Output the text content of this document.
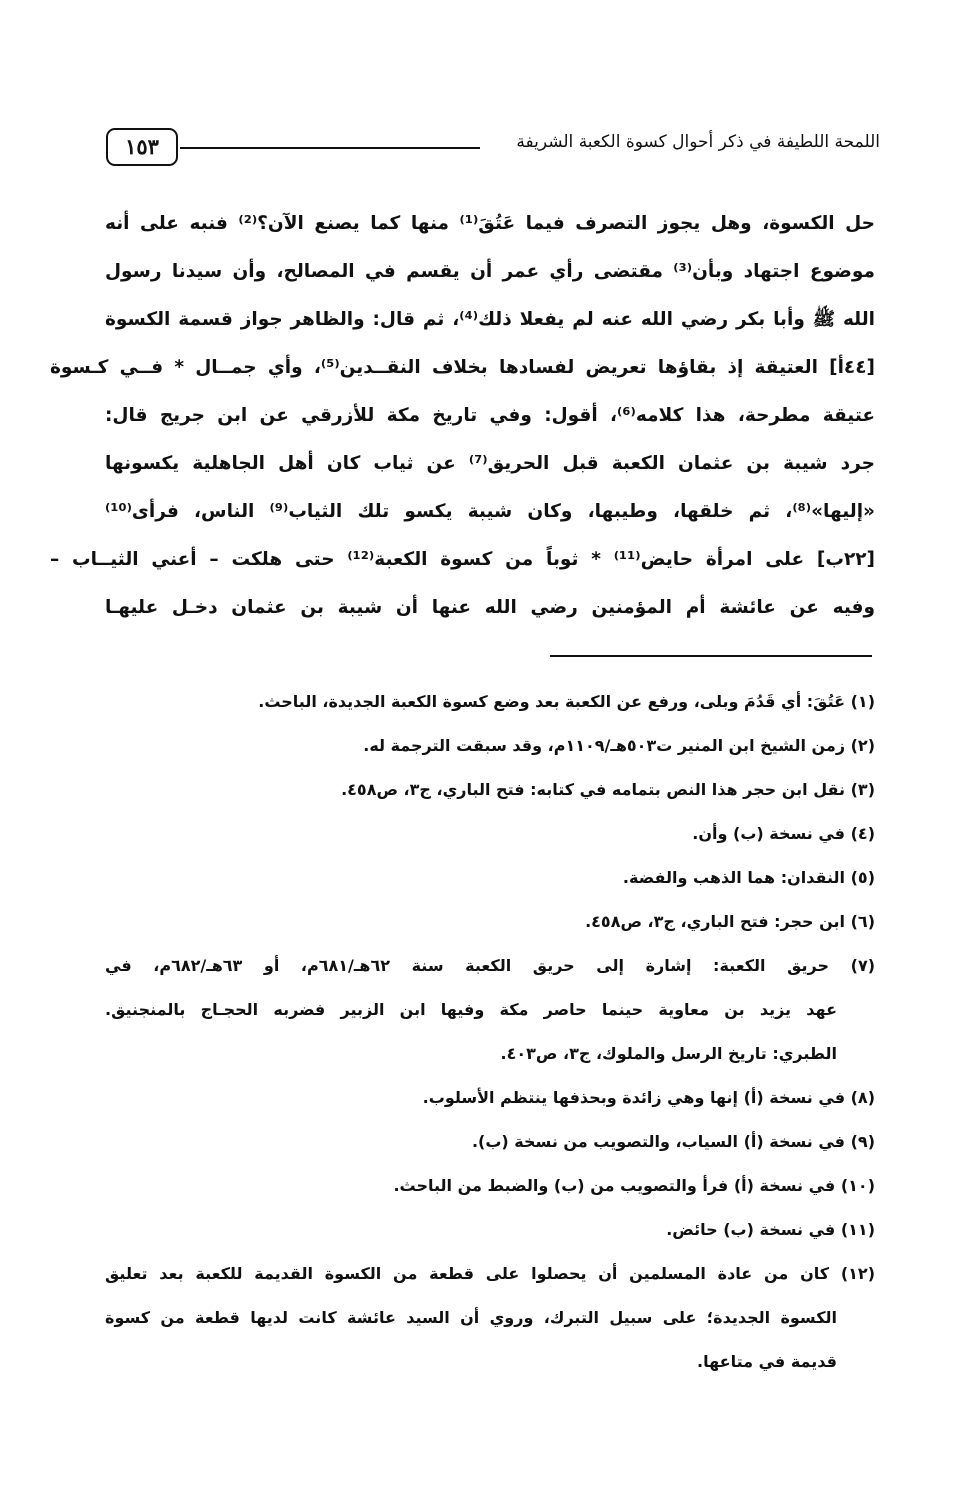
١٥٣	اللمحة اللطيفة في ذكر أحوال كسوة الكعبة الشريفة
حل الكسوة، وهل يجوز التصرف فيما عَتُقَ⁽¹⁾ منها كما يصنع الآن؟⁽²⁾ فنبه على أنه
موضوع اجتهاد وبأن⁽³⁾ مقتضى رأي عمر أن يقسم في المصالح، وأن سيدنا رسول
الله ﷺ وأبا بكر رضي الله عنه لم يفعلا ذلك⁽⁴⁾، ثم قال: والظاهر جواز قسمة الكسوة
[٤٤أ] العتيقة إذ بقاؤها تعريض لفسادها بخلاف النقــدين⁽⁵⁾، وأي جمــال * فــي كـسوة
عتيقة مطرحة، هذا كلامه⁽⁶⁾، أقول: وفي تاريخ مكة للأزرقي عن ابن جريج قال:
جرد شيبة بن عثمان الكعبة قبل الحريق⁽⁷⁾ عن ثياب كان أهل الجاهلية يكسونها
«إليها»⁽⁸⁾، ثم خلقها، وطيبها، وكان شيبة يكسو تلك الثياب⁽⁹⁾ الناس، فرأى⁽¹⁰⁾
[٢٢ب] على امرأة حايض⁽¹¹⁾ * ثوباً من كسوة الكعبة⁽¹²⁾ حتى هلكت – أعني الثيــاب –
وفيه عن عائشة أم المؤمنين رضي الله عنها أن شيبة بن عثمان دخـل عليهـا
(١) عَتُقَ: أي قَدُمَ وبلى، ورفع عن الكعبة بعد وضع كسوة الكعبة الجديدة، الباحث.
(٢) زمن الشيخ ابن المنير ت٥٠٣هـ/١١٠٩م، وقد سبقت الترجمة له.
(٣) نقل ابن حجر هذا النص بتمامه في كتابه: فتح الباري، ج٣، ص٤٥٨.
(٤) في نسخة (ب) وأن.
(٥) النقدان: هما الذهب والفضة.
(٦) ابن حجر: فتح الباري، ج٣، ص٤٥٨.
(٧) حريق الكعبة: إشارة إلى حريق الكعبة سنة ٦٢هـ/٦٨١م، أو ٦٣هـ/٦٨٢م، في
عهد يزيد بن معاوية حينما حاصر مكة وفيها ابن الزبير فضربه الحجـاج بالمنجنيق.
الطبري: تاريخ الرسل والملوك، ج٣، ص٤٠٣.
(٨) في نسخة (أ) إنها وهي زائدة وبحذفها ينتظم الأسلوب.
(٩) في نسخة (أ) السياب، والتصويب من نسخة (ب).
(١٠) في نسخة (أ) فرأ والتصويب من (ب) والضبط من الباحث.
(١١) في نسخة (ب) حائض.
(١٢) كان من عادة المسلمين أن يحصلوا على قطعة من الكسوة القديمة للكعبة بعد تعليق
الكسوة الجديدة؛ على سبيل التبرك، وروي أن السيد عائشة كانت لديها قطعة من كسوة
قديمة في متاعها.
